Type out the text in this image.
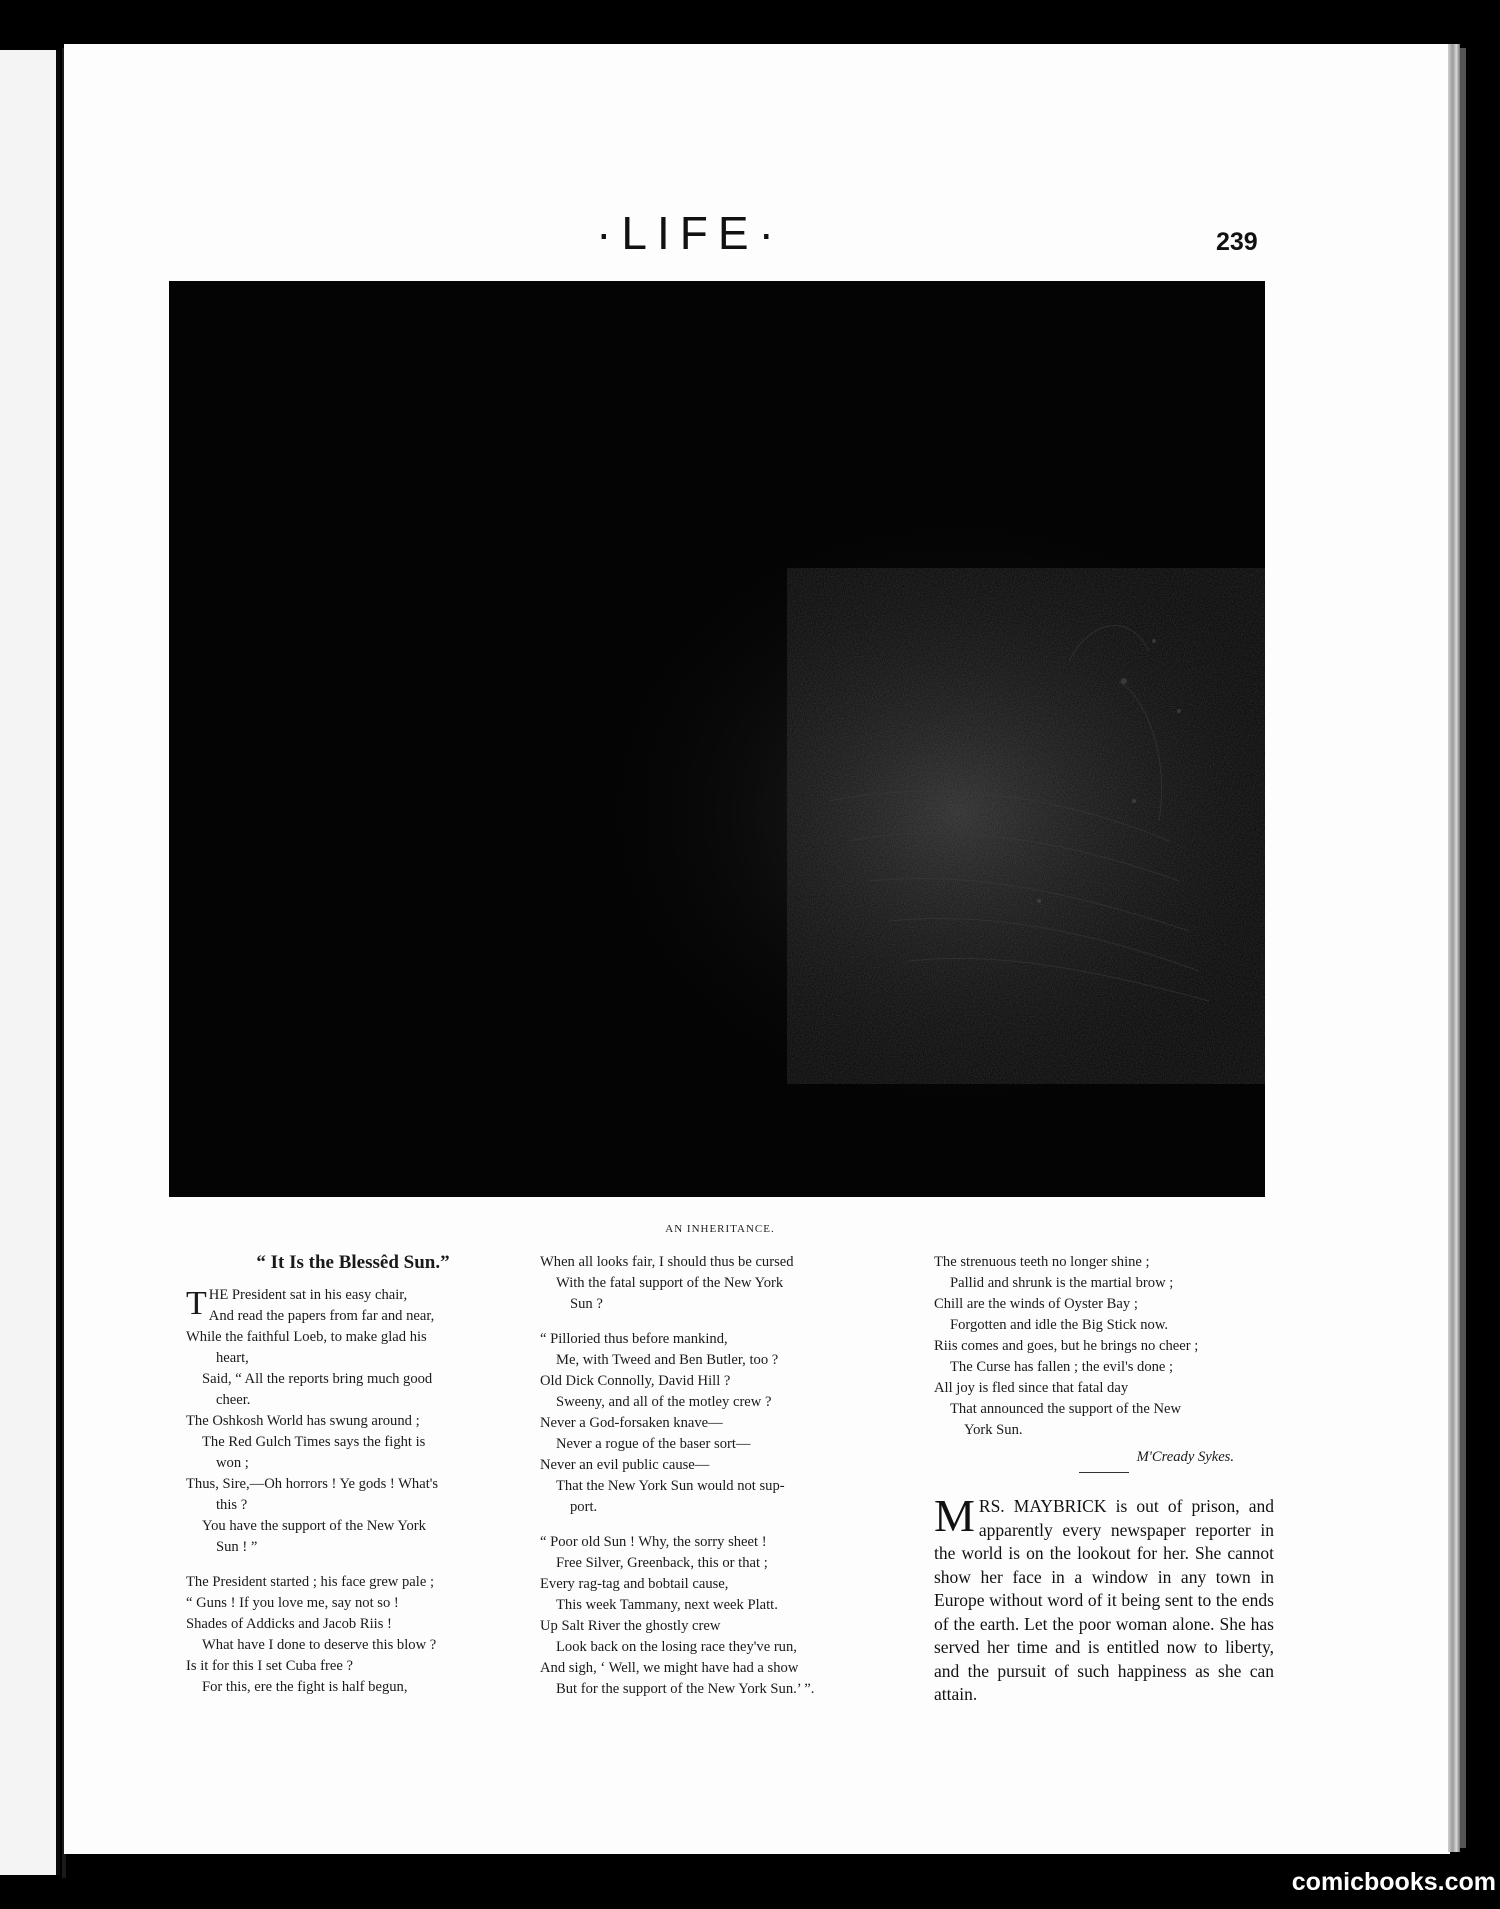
·LIFE·	239
AN INHERITANCE.
“ It Is the Blessêd Sun.”
T HE President sat in his easy chair,
And read the papers from far and near,
While the faithful Loeb, to make glad his
heart,
Said, “ All the reports bring much good
cheer.
The Oshkosh World has swung around ;
The Red Gulch Times says the fight is
won ;
Thus, Sire,—Oh horrors ! Ye gods ! What's
this ?
You have the support of the New York
Sun ! ”
The President started ; his face grew pale ;
“ Guns ! If you love me, say not so !
Shades of Addicks and Jacob Riis !
What have I done to deserve this blow ?
Is it for this I set Cuba free ?
For this, ere the fight is half begun,
When all looks fair, I should thus be cursed
With the fatal support of the New York
Sun ?
“ Pilloried thus before mankind,
Me, with Tweed and Ben Butler, too ?
Old Dick Connolly, David Hill ?
Sweeny, and all of the motley crew ?
Never a God-forsaken knave—
Never a rogue of the baser sort—
Never an evil public cause—
That the New York Sun would not sup-
port.
“ Poor old Sun ! Why, the sorry sheet !
Free Silver, Greenback, this or that ;
Every rag-tag and bobtail cause,
This week Tammany, next week Platt.
Up Salt River the ghostly crew
Look back on the losing race they've run,
And sigh, ‘ Well, we might have had a show
But for the support of the New York Sun.’ ”.
The strenuous teeth no longer shine ;
Pallid and shrunk is the martial brow ;
Chill are the winds of Oyster Bay ;
Forgotten and idle the Big Stick now.
Riis comes and goes, but he brings no cheer ;
The Curse has fallen ; the evil's done ;
All joy is fled since that fatal day
That announced the support of the New
York Sun.
M'Cready Sykes.
MRS. MAYBRICK is out of prison, and apparently every newspaper reporter in the world is on the lookout for her. She cannot show her face in a window in any town in Europe without word of it being sent to the ends of the earth. Let the poor woman alone. She has served her time and is entitled now to liberty, and the pursuit of such happiness as she can attain.
comicbooks.com
